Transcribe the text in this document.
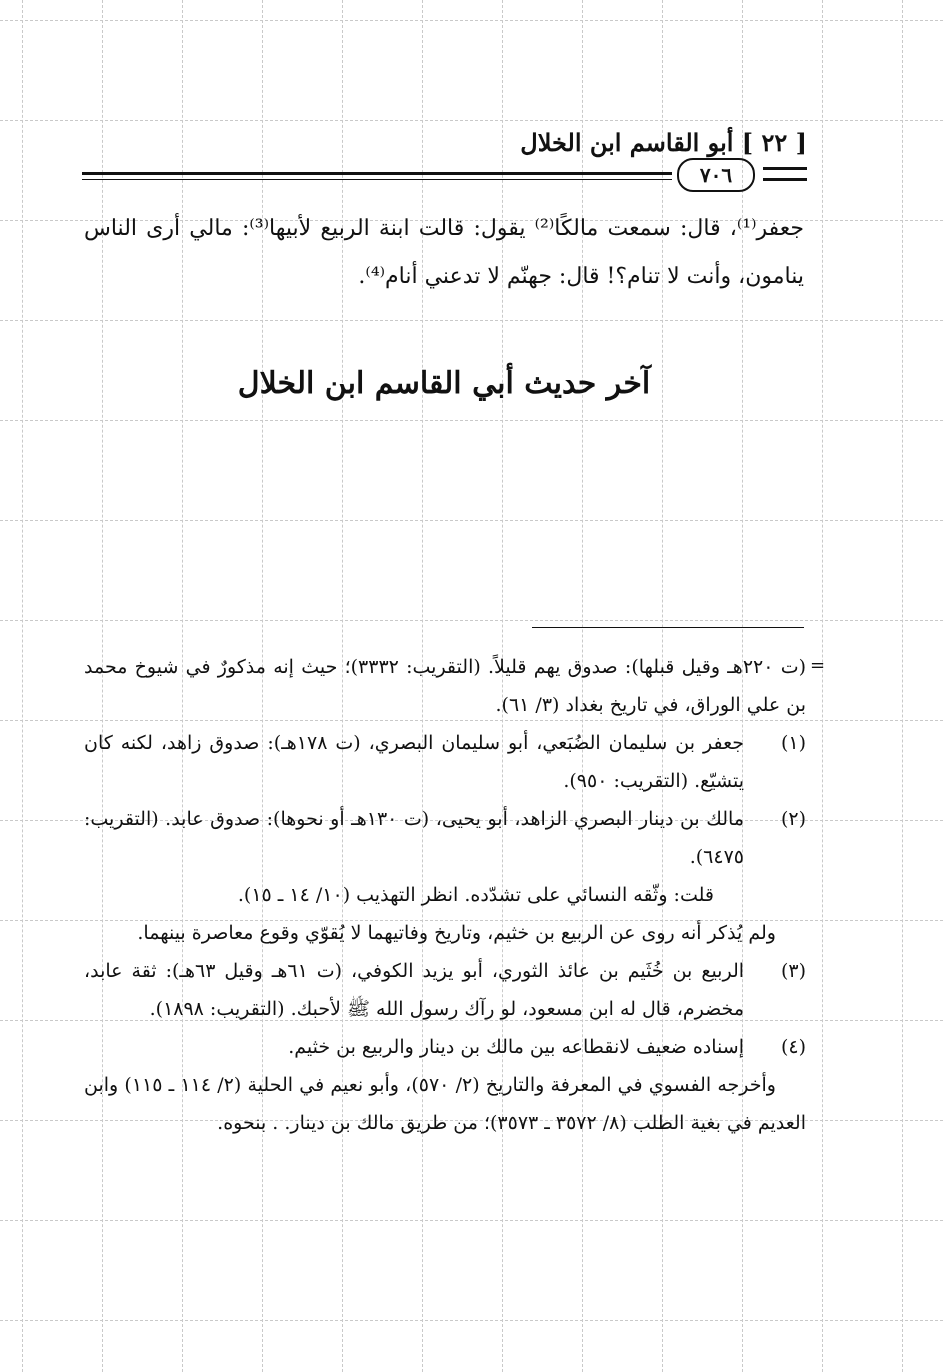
[ ٢٢ ] أبو القاسم ابن الخلال
٧٠٦

جعفر⁽¹⁾، قال: سمعت مالكًا⁽²⁾ يقول: قالت ابنة الربيع لأبيها⁽³⁾: مالي أرى الناس ينامون، وأنت لا تنام؟! قال: جهنّم لا تدعني أنام⁽⁴⁾.

آخر حديث أبي القاسم ابن الخلال
=
(ت ٢٢٠هـ وقيل قبلها): صدوق يهم قليلاً. (التقريب: ٣٣٣٢)؛ حيث إنه مذكورٌ في شيوخ محمد بن علي الوراق، في تاريخ بغداد (٣/ ٦١).
(١)
جعفر بن سليمان الضُبَعي، أبو سليمان البصري، (ت ١٧٨هـ): صدوق زاهد، لكنه كان يتشيّع. (التقريب: ٩٥٠).
(٢)
مالك بن دينار البصري الزاهد، أبو يحيى، (ت ١٣٠هـ أو نحوها): صدوق عابد. (التقريب: ٦٤٧٥).
قلت: وثّقه النسائي على تشدّده. انظر التهذيب (١٠/ ١٤ ـ ١٥).
ولم يُذكر أنه روى عن الربيع بن خثيم، وتاريخ وفاتيهما لا يُقوّي وقوع معاصرة بينهما.
(٣)
الربيع بن خُثَيم بن عائذ الثوري، أبو يزيد الكوفي، (ت ٦١هـ وقيل ٦٣هـ): ثقة عابد، مخضرم، قال له ابن مسعود، لو رآك رسول الله ﷺ لأحبك. (التقريب: ١٨٩٨).
(٤)
إسناده ضعيف لانقطاعه بين مالك بن دينار والربيع بن خثيم.
وأخرجه الفسوي في المعرفة والتاريخ (٢/ ٥٧٠)، وأبو نعيم في الحلية (٢/ ١١٤ ـ ١١٥) وابن العديم في بغية الطلب (٨/ ٣٥٧٢ ـ ٣٥٧٣)؛ من طريق مالك بن دينار. . بنحوه.
